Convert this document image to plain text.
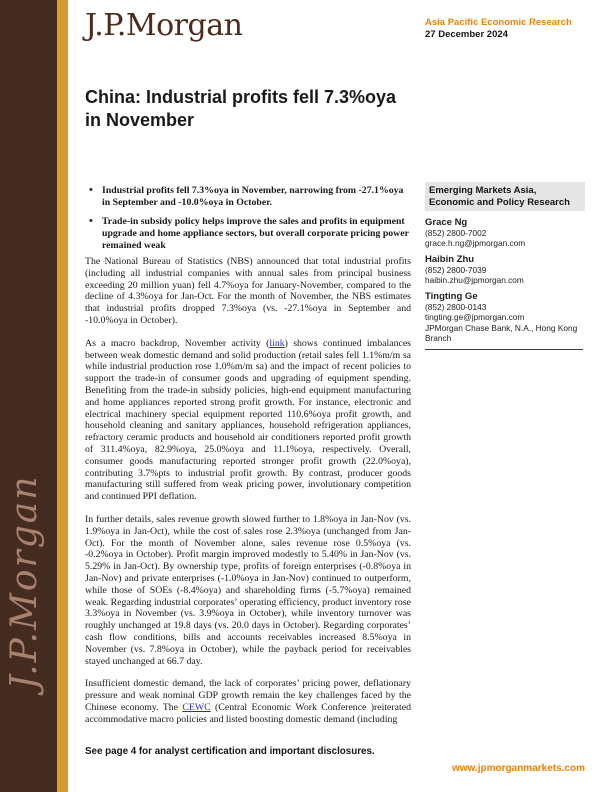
J.P.Morgan
J.P.Morgan	Asia Pacific Economic Research
27 December 2024
China: Industrial profits fell 7.3%oya in November
• Industrial profits fell 7.3%oya in November, narrowing from -27.1%oya in September and -10.0%oya in October.
• Trade-in subsidy policy helps improve the sales and profits in equipment upgrade and home appliance sectors, but overall corporate pricing power remained weak

The National Bureau of Statistics (NBS) announced that total industrial profits (including all industrial companies with annual sales from principal business exceeding 20 million yuan) fell 4.7%oya for January-November, compared to the decline of 4.3%oya for Jan-Oct. For the month of November, the NBS estimates that industrial profits dropped 7.3%oya (vs. -27.1%oya in September and -10.0%oya in October).

As a macro backdrop, November activity (link) shows continued imbalances between weak domestic demand and solid production (retail sales fell 1.1%m/m sa while industrial production rose 1.0%m/m sa) and the impact of recent policies to support the trade-in of consumer goods and upgrading of equipment spending. Benefiting from the trade-in subsidy policies, high-end equipment manufacturing and home appliances reported strong profit growth. For instance, electronic and electrical machinery special equipment reported 110.6%oya profit growth, and household cleaning and sanitary appliances, household refrigeration appliances, refractory ceramic products and household air conditioners reported profit growth of 311.4%oya, 82.9%oya, 25.0%oya and 11.1%oya, respectively. Overall, consumer goods manufacturing reported stronger profit growth (22.0%oya), contributing 3.7%pts to industrial profit growth. By contrast, producer goods manufacturing still suffered from weak pricing power, involutionary competition and continued PPI deflation.

In further details, sales revenue growth slowed further to 1.8%oya in Jan-Nov (vs. 1.9%oya in Jan-Oct), while the cost of sales rose 2.3%oya (unchanged from Jan-Oct). For the month of November alone, sales revenue rose 0.5%oya (vs. -0.2%oya in October). Profit margin improved modestly to 5.40% in Jan-Nov (vs. 5.29% in Jan-Oct). By ownership type, profits of foreign enterprises (-0.8%oya in Jan-Nov) and private enterprises (-1.0%oya in Jan-Nov) continued to outperform, while those of SOEs (-8.4%oya) and shareholding firms (-5.7%oya) remained weak. Regarding industrial corporates’ operating efficiency, product inventory rose 3.3%oya in November (vs. 3.9%oya in October), while inventory turnover was roughly unchanged at 19.8 days (vs. 20.0 days in October). Regarding corporates’ cash flow conditions, bills and accounts receivables increased 8.5%oya in November (vs. 7.8%oya in October), while the payback period for receivables stayed unchanged at 66.7 day.

Insufficient domestic demand, the lack of corporates’ pricing power, deflationary pressure and weak nominal GDP growth remain the key challenges faced by the Chinese economy. The CEWC (Central Economic Work Conference )reiterated accommodative macro policies and listed boosting domestic demand (including

Emerging Markets Asia, Economic and Policy Research
Grace Ng
(852) 2800-7002
grace.h.ng@jpmorgan.com
Haibin Zhu
(852) 2800-7039
haibin.zhu@jpmorgan.com
Tingting Ge
(852) 2800-0143
tingting.ge@jpmorgan.com
JPMorgan Chase Bank, N.A., Hong Kong Branch
See page 4 for analyst certification and important disclosures.
www.jpmorganmarkets.com
